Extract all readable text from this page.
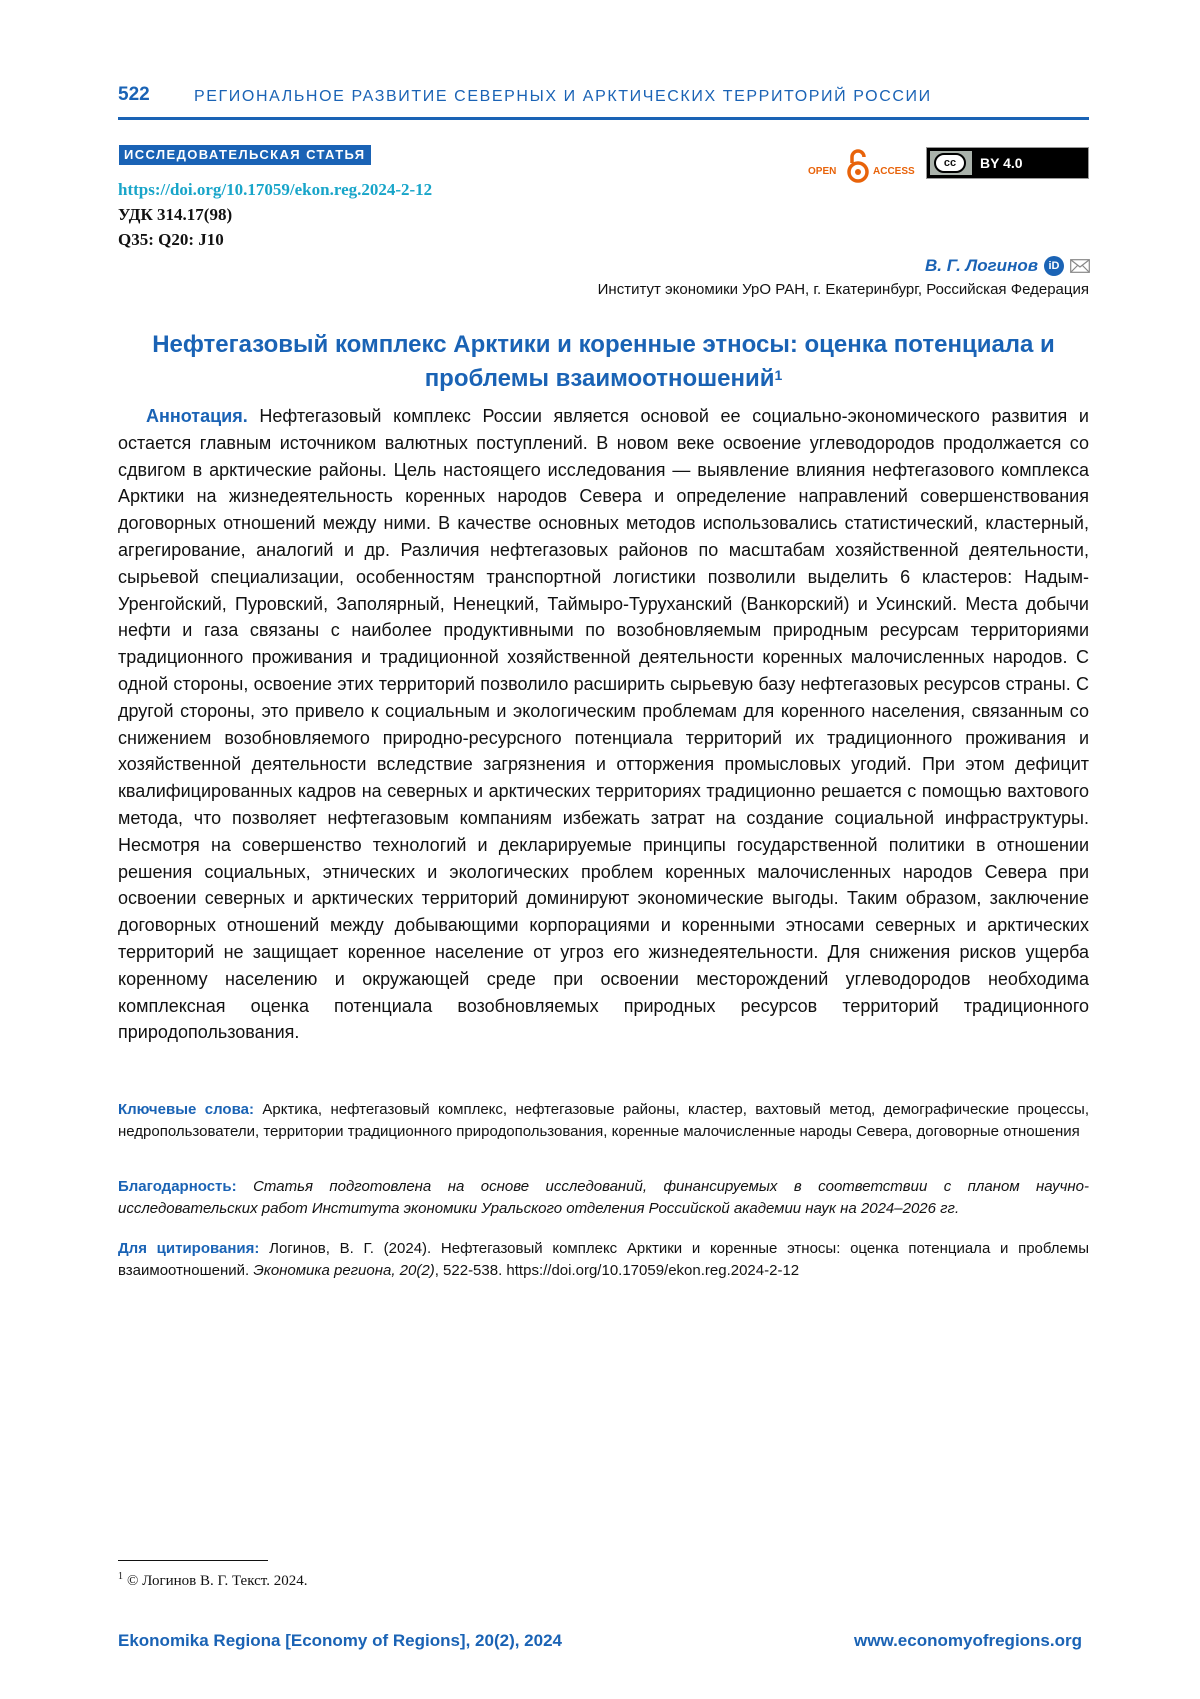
522	РЕГИОНАЛЬНОЕ РАЗВИТИЕ СЕВЕРНЫХ И АРКТИЧЕСКИХ ТЕРРИТОРИЙ РОССИИ
ИССЛЕДОВАТЕЛЬСКАЯ СТАТЬЯ
https://doi.org/10.17059/ekon.reg.2024-2-12
УДК 314.17(98)
Q35: Q20: J10
OPEN	ACCESS
cc	BY 4.0
В. Г. Логинов iD
Институт экономики УрО РАН, г. Екатеринбург, Российская Федерация
Нефтегазовый комплекс Арктики и коренные этносы: оценка потенциала и проблемы взаимоотношений$^1$
Аннотация. Нефтегазовый комплекс России является основой ее социально-экономического развития и остается главным источником валютных поступлений. В новом веке освоение углеводородов продолжается со сдвигом в арктические районы. Цель настоящего исследования — выявление влияния нефтегазового комплекса Арктики на жизнедеятельность коренных народов Севера и определение направлений совершенствования договорных отношений между ними. В качестве основных методов использовались статистический, кластерный, агрегирование, аналогий и др. Различия нефтегазовых районов по масштабам хозяйственной деятельности, сырьевой специализации, особенностям транспортной логистики позволили выделить 6 кластеров: Надым-Уренгойский, Пуровский, Заполярный, Ненецкий, Таймыро-Туруханский (Ванкорский) и Усинский. Места добычи нефти и газа связаны с наиболее продуктивными по возобновляемым природным ресурсам территориями традиционного проживания и традиционной хозяйственной деятельности коренных малочисленных народов. С одной стороны, освоение этих территорий позволило расширить сырьевую базу нефтегазовых ресурсов страны. С другой стороны, это привело к социальным и экологическим проблемам для коренного населения, связанным со снижением возобновляемого природно-ресурсного потенциала территорий их традиционного проживания и хозяйственной деятельности вследствие загрязнения и отторжения промысловых угодий. При этом дефицит квалифицированных кадров на северных и арктических территориях традиционно решается с помощью вахтового метода, что позволяет нефтегазовым компаниям избежать затрат на создание социальной инфраструктуры. Несмотря на совершенство технологий и декларируемые принципы государственной политики в отношении решения социальных, этнических и экологических проблем коренных малочисленных народов Севера при освоении северных и арктических территорий доминируют экономические выгоды. Таким образом, заключение договорных отношений между добывающими корпорациями и коренными этносами северных и арктических территорий не защищает коренное население от угроз его жизнедеятельности. Для снижения рисков ущерба коренному населению и окружающей среде при освоении месторождений углеводородов необходима комплексная оценка потенциала возобновляемых природных ресурсов территорий традиционного природопользования.
Ключевые слова: Арктика, нефтегазовый комплекс, нефтегазовые районы, кластер, вахтовый метод, демографические процессы, недропользователи, территории традиционного природопользования, коренные малочисленные народы Севера, договорные отношения
Благодарность: Статья подготовлена на основе исследований, финансируемых в соответствии с планом научно-исследовательских работ Института экономики Уральского отделения Российской академии наук на 2024–2026 гг.
Для цитирования: Логинов, В. Г. (2024). Нефтегазовый комплекс Арктики и коренные этносы: оценка потенциала и проблемы взаимоотношений. Экономика региона, 20(2), 522-538. https://doi.org/10.17059/ekon.reg.2024-2-12
$^1$ © Логинов В. Г. Текст. 2024.
Ekonomika Regiona [Economy of Regions], 20(2), 2024	www.economyofregions.org
